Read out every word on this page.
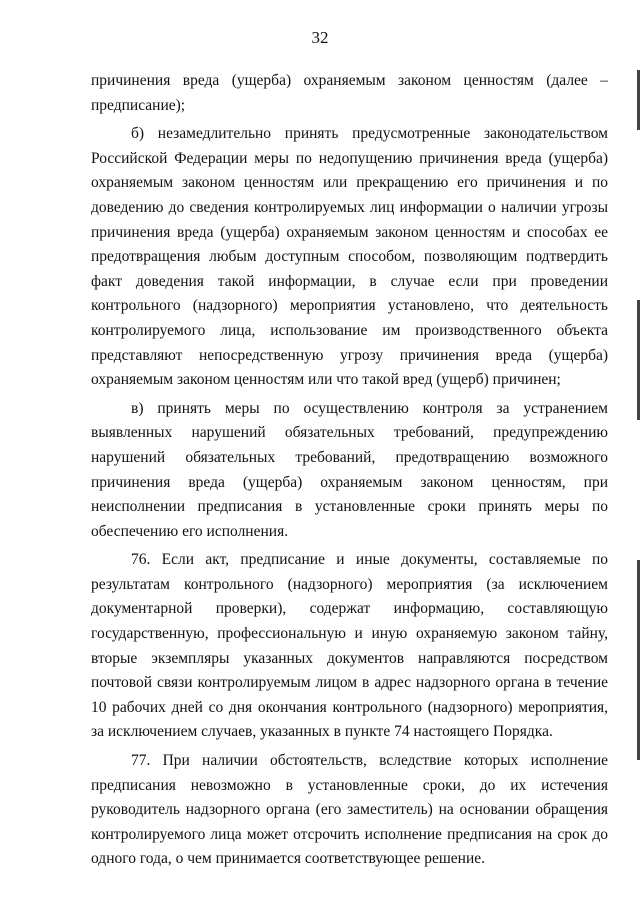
32

причинения вреда (ущерба) охраняемым законом ценностям (далее – предписание);

б) незамедлительно принять предусмотренные законодательством Российской Федерации меры по недопущению причинения вреда (ущерба) охраняемым законом ценностям или прекращению его причинения и по доведению до сведения контролируемых лиц информации о наличии угрозы причинения вреда (ущерба) охраняемым законом ценностям и способах ее предотвращения любым доступным способом, позволяющим подтвердить факт доведения такой информации, в случае если при проведении контрольного (надзорного) мероприятия установлено, что деятельность контролируемого лица, использование им производственного объекта представляют непосредственную угрозу причинения вреда (ущерба) охраняемым законом ценностям или что такой вред (ущерб) причинен;

в) принять меры по осуществлению контроля за устранением выявленных нарушений обязательных требований, предупреждению нарушений обязательных требований, предотвращению возможного причинения вреда (ущерба) охраняемым законом ценностям, при неисполнении предписания в установленные сроки принять меры по обеспечению его исполнения.

76. Если акт, предписание и иные документы, составляемые по результатам контрольного (надзорного) мероприятия (за исключением документарной проверки), содержат информацию, составляющую государственную, профессиональную и иную охраняемую законом тайну, вторые экземпляры указанных документов направляются посредством почтовой связи контролируемым лицом в адрес надзорного органа в течение 10 рабочих дней со дня окончания контрольного (надзорного) мероприятия, за исключением случаев, указанных в пункте 74 настоящего Порядка.

77. При наличии обстоятельств, вследствие которых исполнение предписания невозможно в установленные сроки, до их истечения руководитель надзорного органа (его заместитель) на основании обращения контролируемого лица может отсрочить исполнение предписания на срок до одного года, о чем принимается соответствующее решение.
